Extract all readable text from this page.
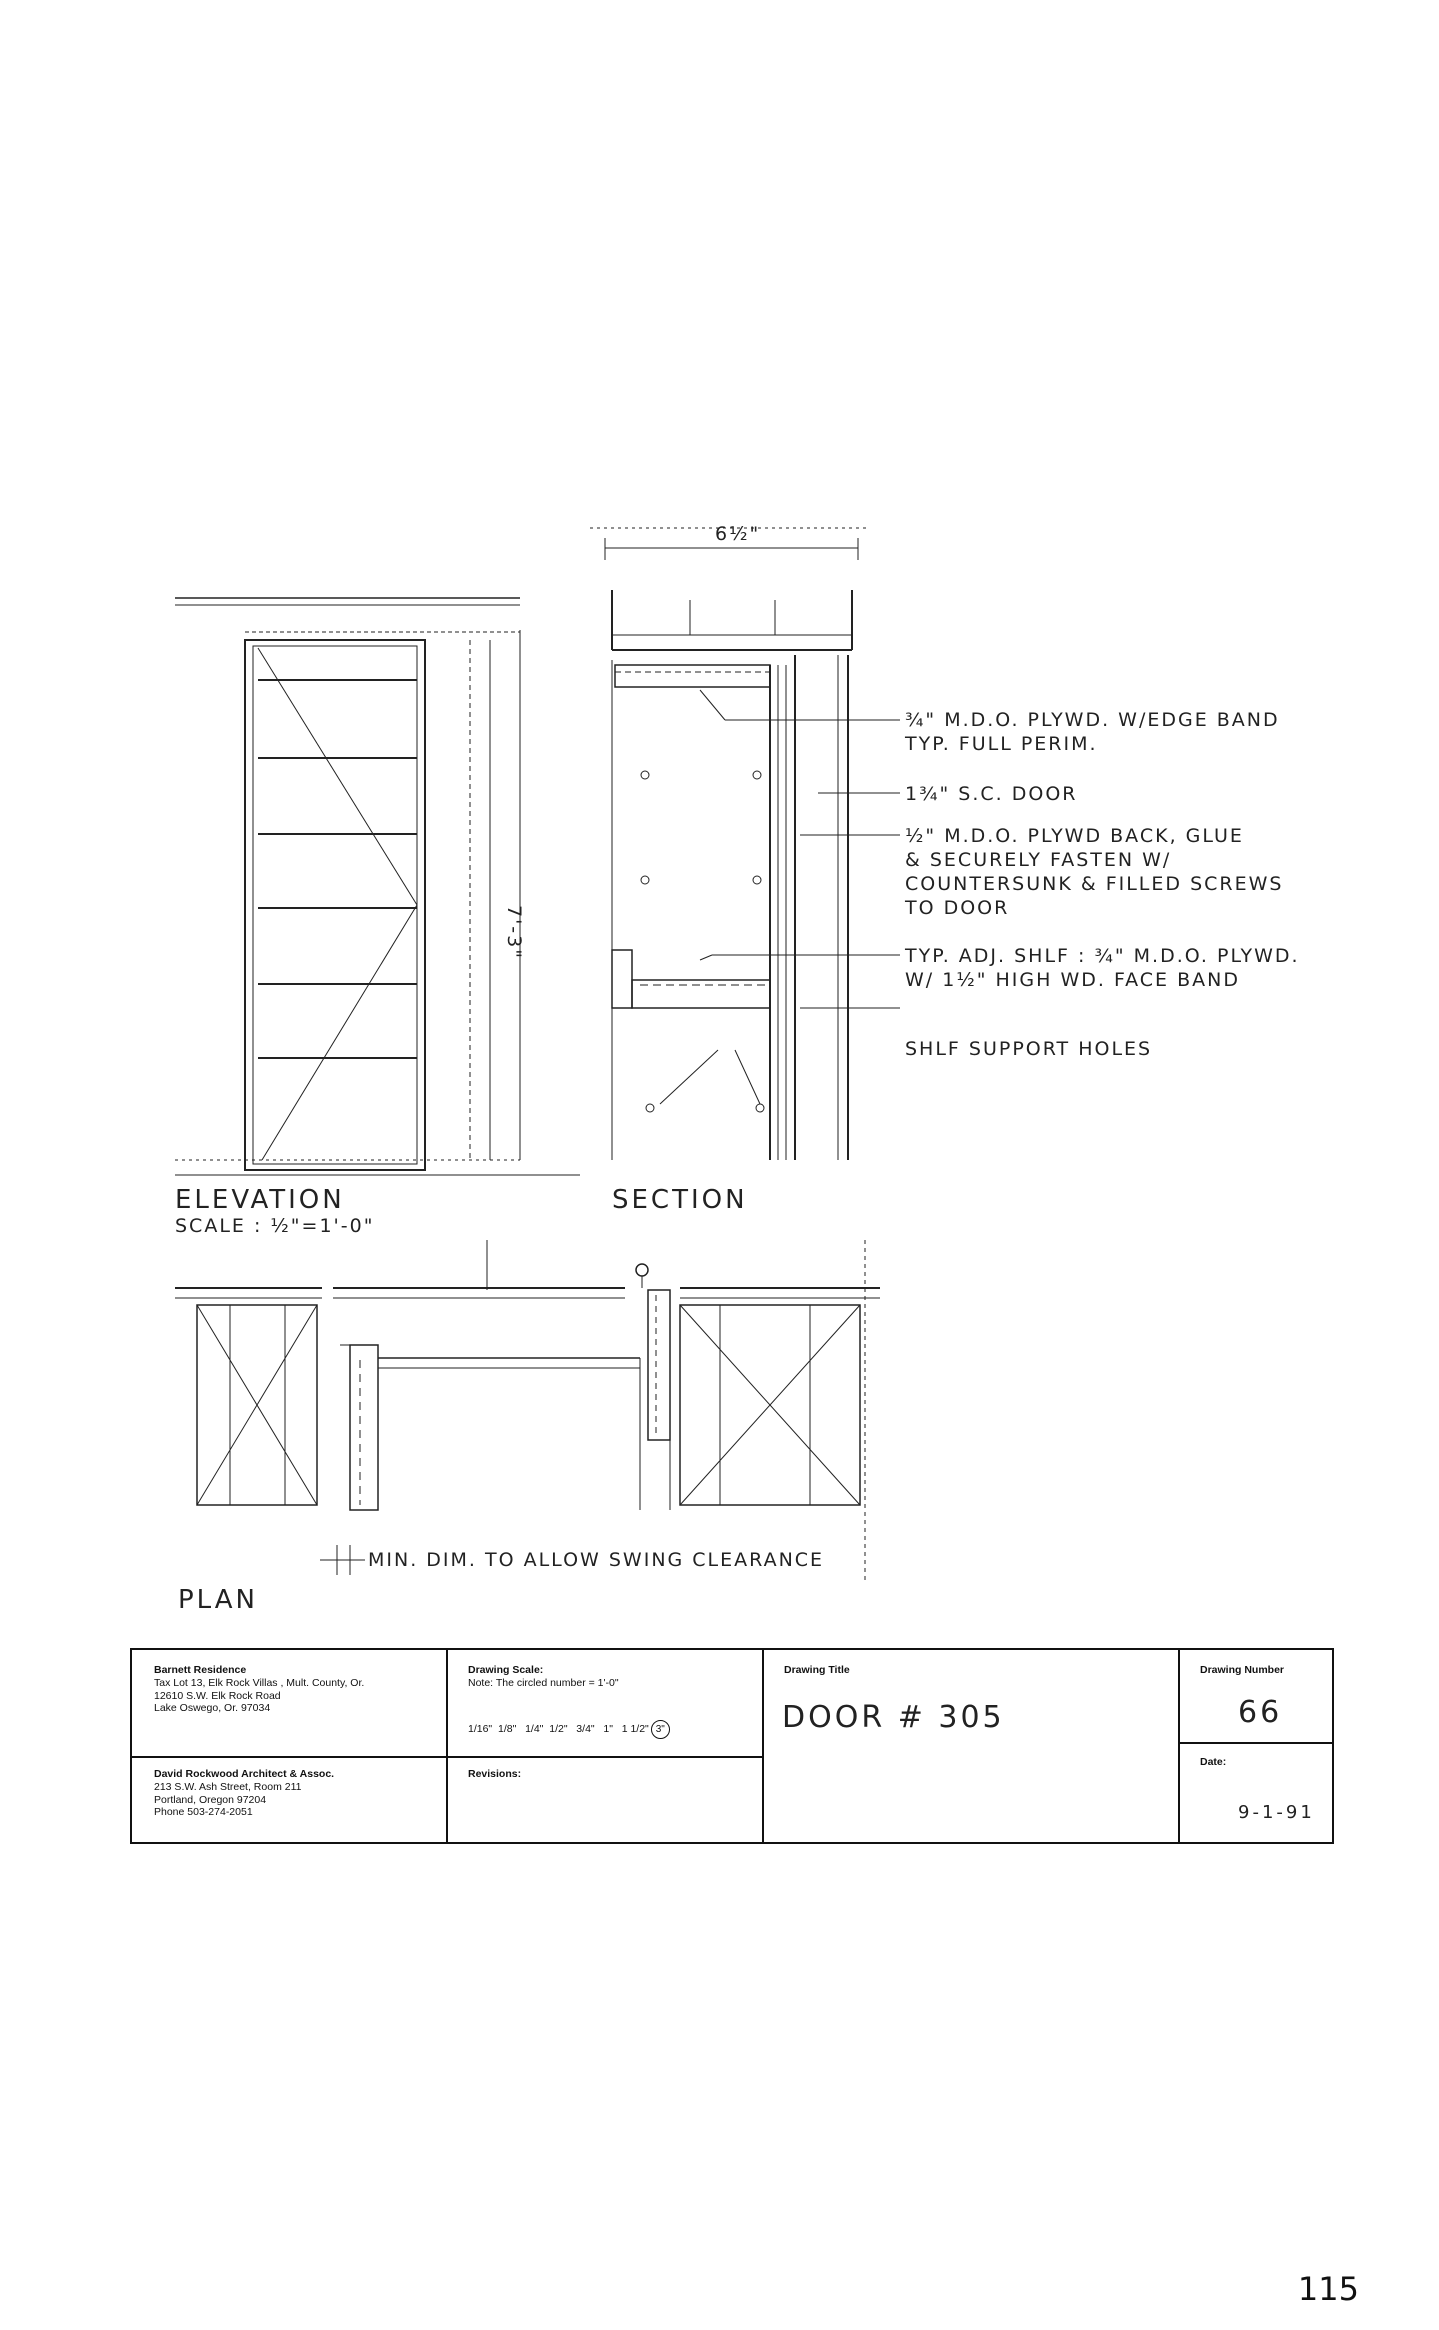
7'-3"
6½"
ELEVATION
SCALE : ½"=1'-0"
SECTION
PLAN
¾" M.D.O. PLYWD. W/EDGE BAND
TYP. FULL PERIM.
1¾" S.C. DOOR
½" M.D.O. PLYWD BACK, GLUE
& SECURELY FASTEN W/
COUNTERSUNK & FILLED SCREWS
TO DOOR
TYP. ADJ. SHLF : ¾" M.D.O. PLYWD.
W/ 1½" HIGH WD. FACE BAND
SHLF SUPPORT HOLES
MIN. DIM. TO ALLOW SWING CLEARANCE
Barnett Residence
Tax Lot 13, Elk Rock Villas , Mult. County, Or.
12610 S.W. Elk Rock Road
Lake Oswego, Or. 97034
David Rockwood Architect & Assoc.
213 S.W. Ash Street, Room 211
Portland, Oregon 97204
Phone 503-274-2051
Drawing Scale:
Note: The circled number = 1'-0"
1/16"  1/8"   1/4"  1/2"   3/4"   1"   1 1/2" 3"
Revisions:
Drawing Title
DOOR # 305
Drawing Number
66
Date:
9-1-91
115
